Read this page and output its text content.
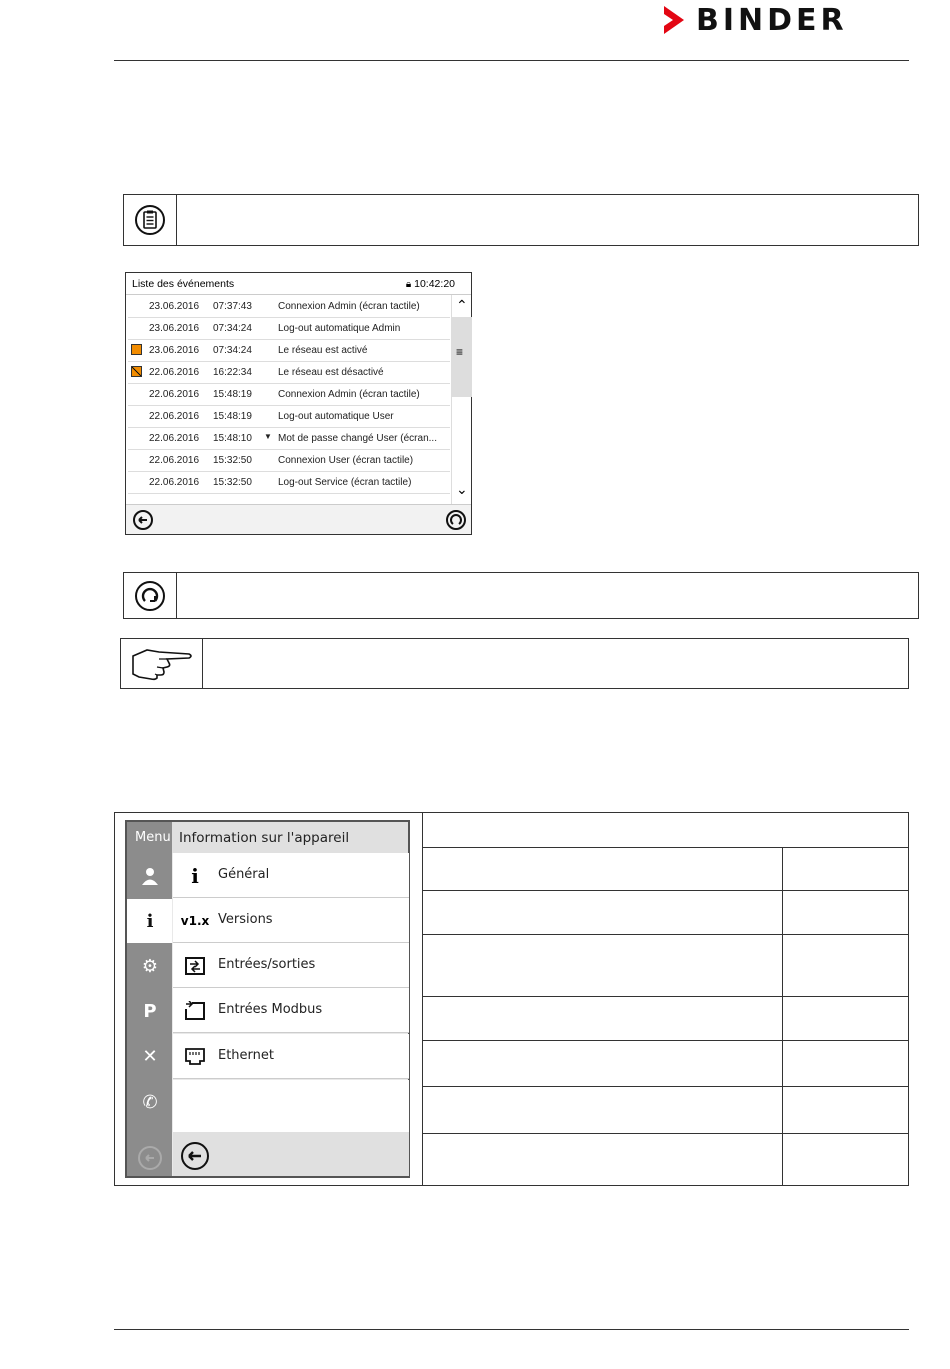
BINDER
Liste des événements	🔒︎ 10:42:20
23.06.2016 07:37:43	Connexion Admin (écran tactile)
23.06.2016 07:34:24	Log-out automatique Admin
23.06.2016 07:34:24	Le réseau est activé
22.06.2016 16:22:34	Le réseau est désactivé
22.06.2016 15:48:19	Connexion Admin (écran tactile)
22.06.2016 15:48:19	Log-out automatique User
22.06.2016 15:48:10 ▼ Mot de passe changé User (écran...
22.06.2016 15:32:50	Connexion User (écran tactile)
22.06.2016 15:32:50	Log-out Service (écran tactile)
⌃
≡
⌄
Menu
i
⚙︎
P
✕
✆
Information sur l'appareil
i	Général
v1.x Versions
Entrées/sorties
Entrées Modbus
Ethernet
